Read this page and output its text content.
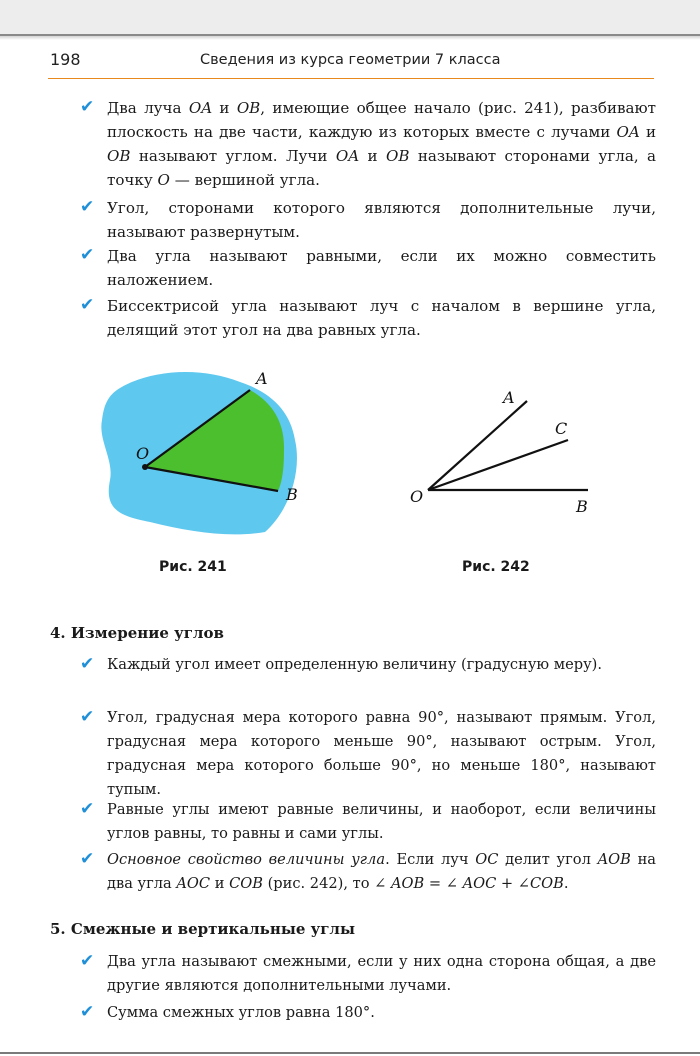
198	Сведения из курса геометрии 7 класса
✔ Два луча OA и OB, имеющие общее начало (рис. 241), разбивают плоскость на две части, каждую из которых вместе с лучами OA и OB называют углом. Лучи OA и OB называют сторонами угла, а точку O — вершиной угла.
✔ Угол, сторонами которого являются дополнительные лучи, называют развернутым.
✔ Два угла называют равными, если их можно совместить наложением.
✔ Биссектрисой угла называют луч с началом в вершине угла, делящий этот угол на два равных угла.
A
O
B
Рис. 241
A
C
O
B
Рис. 242
4. Измерение углов
✔ Каждый угол имеет определенную величину (градусную меру).
✔ Угол, градусная мера которого равна 90°, называют прямым. Угол, градусная мера которого меньше 90°, называют острым. Угол, градусная мера которого больше 90°, но меньше 180°, называют тупым.
✔ Равные углы имеют равные величины, и наоборот, если величины углов равны, то равны и сами углы.
✔ Основное свойство величины угла. Если луч OC делит угол AOB на два угла AOC и COB (рис. 242), то ∠ AOB = ∠ AOC + ∠COB.
5. Смежные и вертикальные углы
✔ Два угла называют смежными, если у них одна сторона общая, а две другие являются дополнительными лучами.
✔ Сумма смежных углов равна 180°.
